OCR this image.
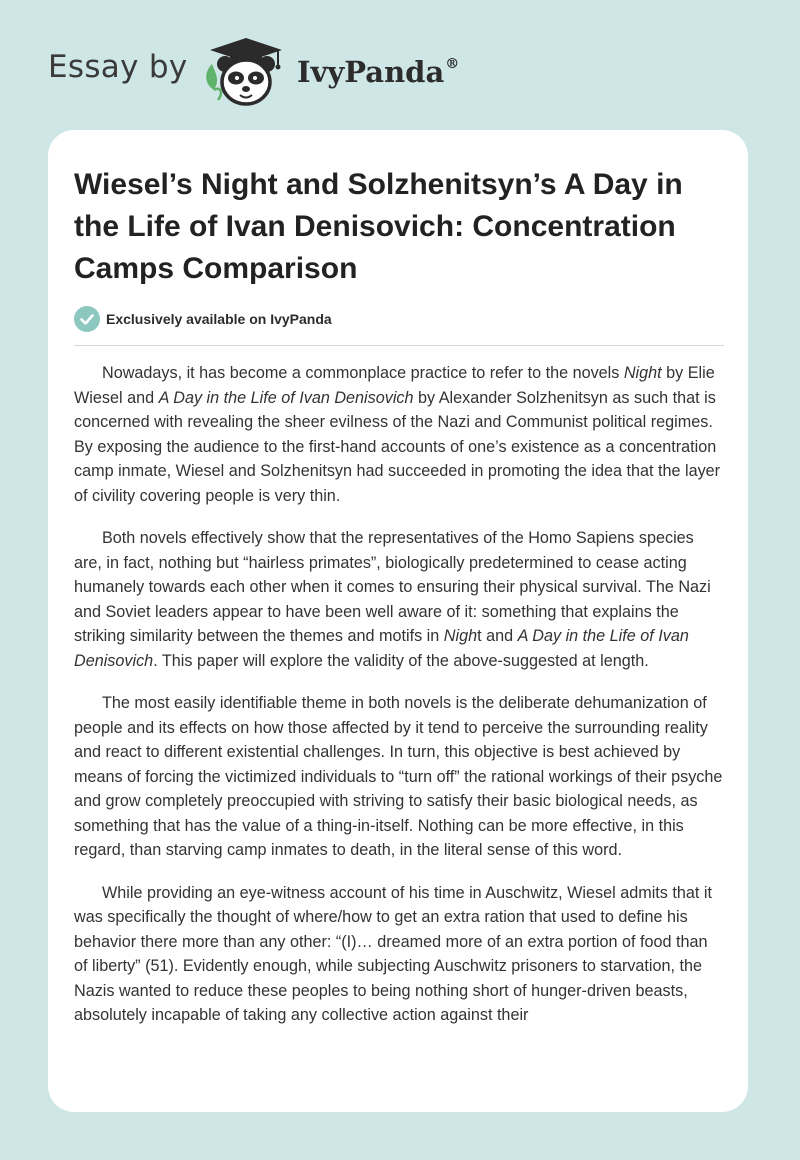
Essay by	IvyPanda®
Wiesel’s Night and Solzhenitsyn’s A Day in the Life of Ivan Denisovich: Concentration Camps Comparison
Exclusively available on IvyPanda

Nowadays, it has become a commonplace practice to refer to the novels Night by Elie Wiesel and A Day in the Life of Ivan Denisovich by Alexander Solzhenitsyn as such that is concerned with revealing the sheer evilness of the Nazi and Communist political regimes. By exposing the audience to the first-hand accounts of one’s existence as a concentration camp inmate, Wiesel and Solzhenitsyn had succeeded in promoting the idea that the layer of civility covering people is very thin.

Both novels effectively show that the representatives of the Homo Sapiens species are, in fact, nothing but “hairless primates”, biologically predetermined to cease acting humanely towards each other when it comes to ensuring their physical survival. The Nazi and Soviet leaders appear to have been well aware of it: something that explains the striking similarity between the themes and motifs in Night and A Day in the Life of Ivan Denisovich. This paper will explore the validity of the above-suggested at length.

The most easily identifiable theme in both novels is the deliberate dehumanization of people and its effects on how those affected by it tend to perceive the surrounding reality and react to different existential challenges. In turn, this objective is best achieved by means of forcing the victimized individuals to “turn off” the rational workings of their psyche and grow completely preoccupied with striving to satisfy their basic biological needs, as something that has the value of a thing-in-itself. Nothing can be more effective, in this regard, than starving camp inmates to death, in the literal sense of this word.

While providing an eye-witness account of his time in Auschwitz, Wiesel admits that it was specifically the thought of where/how to get an extra ration that used to define his behavior there more than any other: “(I)… dreamed more of an extra portion of food than of liberty” (51). Evidently enough, while subjecting Auschwitz prisoners to starvation, the Nazis wanted to reduce these peoples to being nothing short of hunger-driven beasts, absolutely incapable of taking any collective action against their
